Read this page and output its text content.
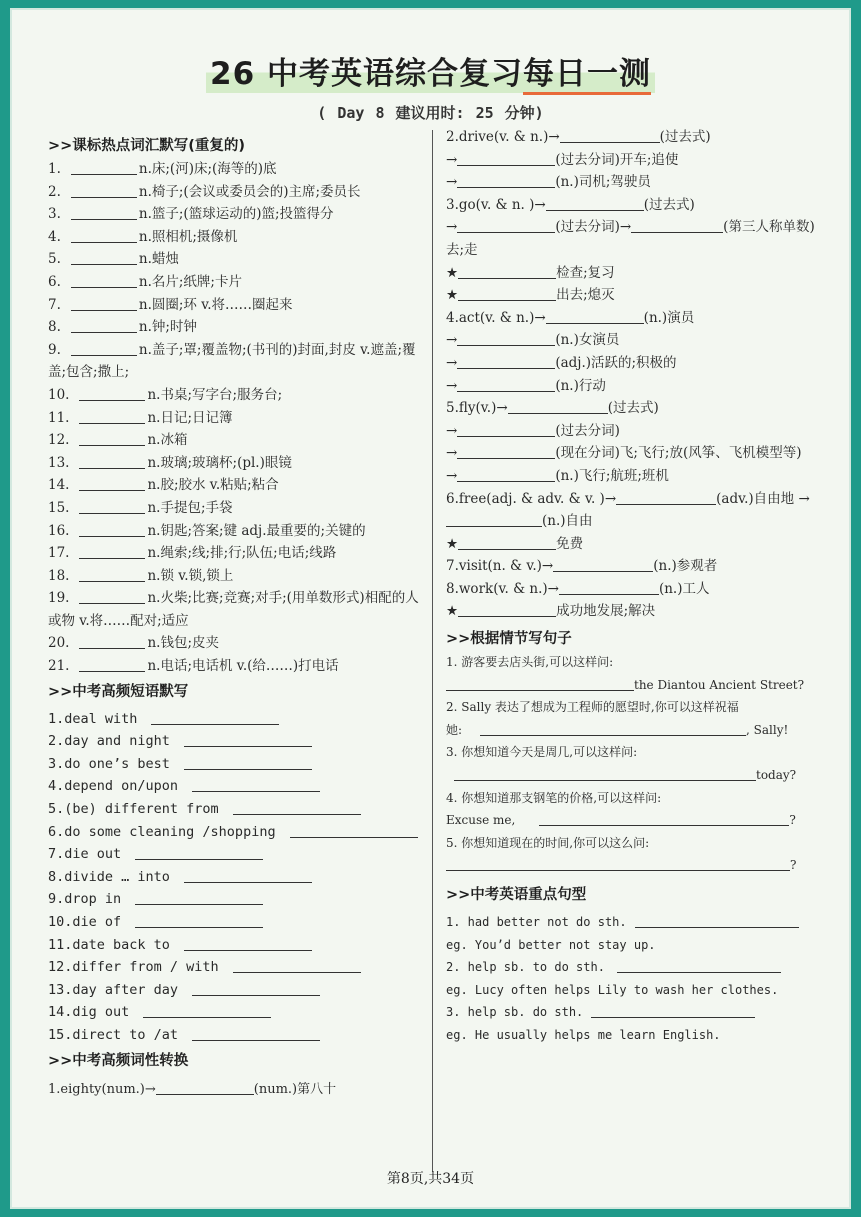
26 中考英语综合复习每日一测
( Day 8 建议用时: 25 分钟)
>>课标热点词汇默写(重复的)
1.	n.床;(河)床;(海等的)底
2.	n.椅子;(会议或委员会的)主席;委员长
3.	n.篮子;(篮球运动的)篮;投篮得分
4.	n.照相机;摄像机
5.	n.蜡烛
6.	n.名片;纸牌;卡片
7.	n.圆圈;环 v.将……圈起来
8.	n.钟;时钟
9.	n.盖子;罩;覆盖物;(书刊的)封面,封皮 v.遮盖;覆盖;包含;撒上;
10.	n.书桌;写字台;服务台;
11.	n.日记;日记簿
12.	n.冰箱
13.	n.玻璃;玻璃杯;(pl.)眼镜
14.	n.胶;胶水 v.粘贴;粘合
15.	n.手提包;手袋
16.	n.钥匙;答案;键 adj.最重要的;关键的
17.	n.绳索;线;排;行;队伍;电话;线路
18.	n.锁 v.锁,锁上
19.	n.火柴;比赛;竞赛;对手;(用单数形式)相配的人或物 v.将……配对;适应
20.	n.钱包;皮夹
21.	n.电话;电话机 v.(给……)打电话
>>中考高频短语默写
1.deal with
2.day and night
3.do one’s best
4.depend on/upon
5.(be) different from
6.do some cleaning /shopping
7.die out
8.divide … into
9.drop in
10.die of
11.date back to
12.differ from / with
13.day after day
14.dig out
15.direct to /at
>>中考高频词性转换
1.eighty(num.)→	(num.)第八十
2.drive(v. & n.)→	(过去式)
→	(过去分词)开车;追使
→	(n.)司机;驾驶员
3.go(v. & n. )→	(过去式)
→	(过去分词)→	(第三人称单数)去;走
★	检查;复习
★	出去;熄灭
4.act(v. & n.)→	(n.)演员
→	(n.)女演员
→	(adj.)活跃的;积极的
→	(n.)行动
5.fly(v.)→	(过去式)
→	(过去分词)
→	(现在分词)飞;飞行;放(风筝、飞机模型等)
→	(n.)飞行;航班;班机
6.free(adj. & adv. & v. )→	(adv.)自由地 →(n.)自由
★	免费
7.visit(n. & v.)→	(n.)参观者
8.work(v. & n.)→	(n.)工人
★	成功地发展;解决
>>根据情节写句子
1. 游客要去店头街,可以这样问:
the Diantou Ancient Street?
2. Sally 表达了想成为工程师的愿望时,你可以这样祝福
她:	, Sally!
3. 你想知道今天是周几,可以这样问:
today?
4. 你想知道那支钢笔的价格,可以这样问:
Excuse me,	?
5. 你想知道现在的时间,你可以这么问:
?
>>中考英语重点句型
1. had better not do sth.
eg. You’d better not stay up.
2. help sb. to do sth.
eg. Lucy often helps Lily to wash her clothes.
3. help sb. do sth.
eg. He usually helps me learn English.
第8页,共34页
